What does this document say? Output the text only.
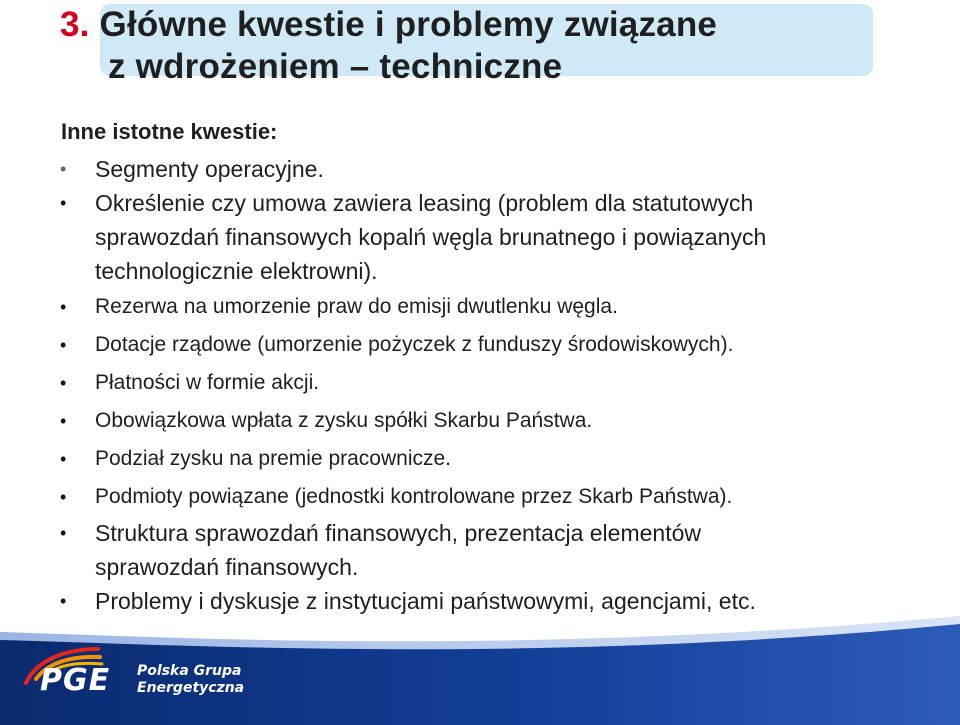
3. Główne kwestie i problemy związane
z wdrożeniem – techniczne

Inne istotne kwestie:

• Segmenty operacyjne.
• Określenie czy umowa zawiera leasing (problem dla statutowych
sprawozdań finansowych kopalń węgla brunatnego i powiązanych
technologicznie elektrowni).
• Rezerwa na umorzenie praw do emisji dwutlenku węgla.
• Dotacje rządowe (umorzenie pożyczek z funduszy środowiskowych).
• Płatności w formie akcji.
• Obowiązkowa wpłata z zysku spółki Skarbu Państwa.
• Podział zysku na premie pracownicze.
• Podmioty powiązane (jednostki kontrolowane przez Skarb Państwa).
• Struktura sprawozdań finansowych, prezentacja elementów
sprawozdań finansowych.
• Problemy i dyskusje z instytucjami państwowymi, agencjami, etc.
PGE Polska Grupa
Energetyczna
